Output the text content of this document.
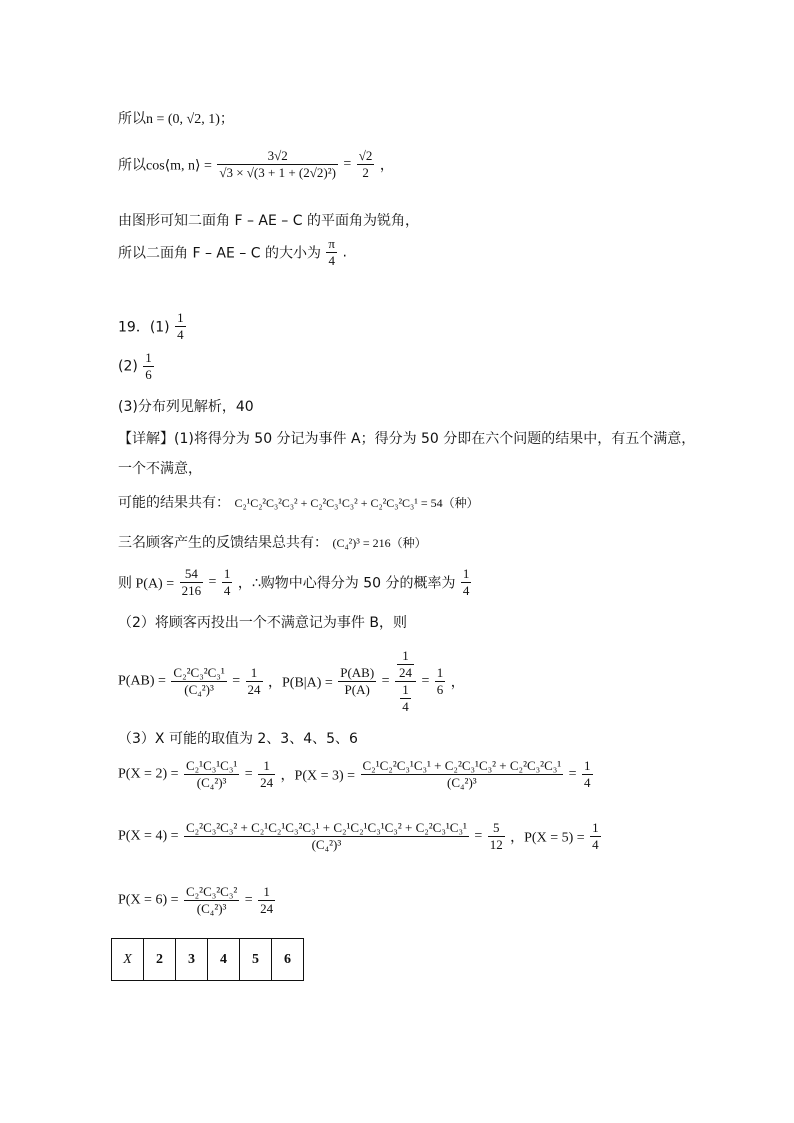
所以n = (0, √2, 1)；
所以cos⟨m, n⟩ = $\frac{3√2}{\text{√3 × √(3 + 1 + (2√2)²)}} = \frac{√2}{2}$ ，
由图形可知二面角 F – AE – C 的平面角为锐角，
所以二面角 F – AE – C 的大小为 $\frac{\pi}{4}$ .
19．$(1) \frac{1}{4}$
$(2) \frac{1}{6}$
(3)分布列见解析，40
【详解】(1)将得分为 50 分记为事件 A；得分为 50 分即在六个问题的结果中，有五个满意，
一个不满意，
可能的结果共有： C₂¹C₂²C₃²C₃² + C₂²C₃¹C₃² + C₂²C₃²C₃¹ = 54（种）
三名顾客产生的反馈结果总共有： (C₄²)³ = 216（种）
则 $P(A) = \frac{54}{216} = \frac{1}{4}$ ，∴购物中心得分为 50 分的概率为 $\frac{1}{4}$
（2）将顾客丙投出一个不满意记为事件 B，则
$P(AB) = \frac{\text{C₂²C₃²C₃¹}}{\text{(C₄²)³}} = \frac{1}{24}$ ，$P(B|A) = \frac{P(AB)}{P(A)} = \frac{\frac{1}{24}}{\frac{1}{4}} = \frac{1}{6}$ ，
（3）X 可能的取值为 2、3、4、5、6
$P(X = 2) = \frac{\text{C₂¹C₃¹C₃¹}}{\text{(C₄²)³}} = \frac{1}{24}$ ，$P(X = 3) = \frac{\text{C₂¹C₂²C₃¹C₃¹ + C₂²C₃¹C₃² + C₂²C₃²C₃¹}}{\text{(C₄²)³}} = \frac{1}{4}$
$P(X = 4) = \frac{\text{C₂²C₃²C₃² + C₂¹C₂¹C₃²C₃¹ + C₂¹C₂¹C₃¹C₃² + C₂²C₃¹C₃¹}}{\text{(C₄²)³}} = \frac{5}{12}$ ，$P(X = 5) = \frac{1}{4}$
$P(X = 6) = \frac{\text{C₂²C₃²C₃²}}{\text{(C₄²)³}} = \frac{1}{24}$
X	2	3	4	5	6
